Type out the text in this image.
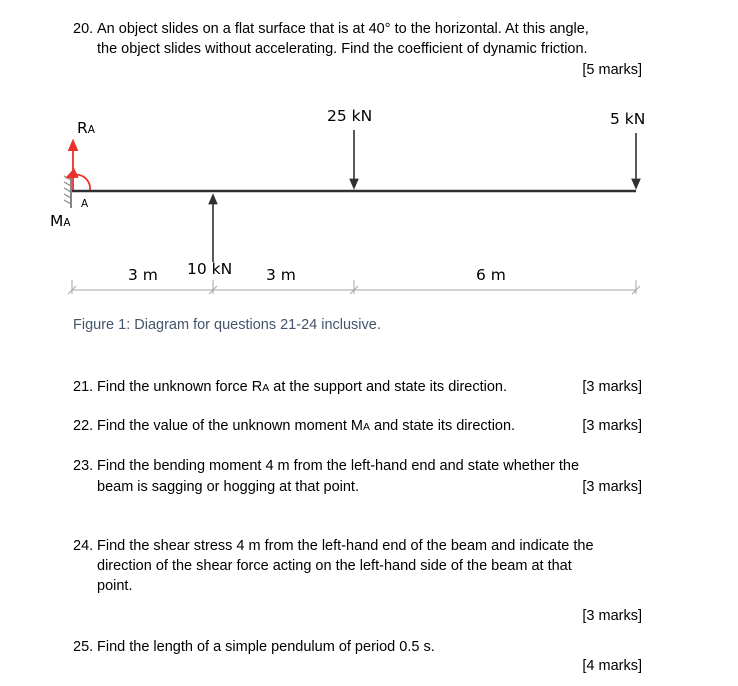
20. An object slides on a flat surface that is at 40° to the horizontal. At this angle,
the object slides without accelerating. Find the coefficient of dynamic friction.
[5 marks]
RA
MA
A
25 kN	5 kN
10 kN
3 m	3 m	6 m
Figure 1: Diagram for questions 21-24 inclusive.
21. Find the unknown force RA at the support and state its direction.	[3 marks]
22. Find the value of the unknown moment MA and state its direction.	[3 marks]
23. Find the bending moment 4 m from the left-hand end and state whether the
beam is sagging or hogging at that point.	[3 marks]
24. Find the shear stress 4 m from the left-hand end of the beam and indicate the
direction of the shear force acting on the left-hand side of the beam at that
point.
[3 marks]
25. Find the length of a simple pendulum of period 0.5 s.
[4 marks]
